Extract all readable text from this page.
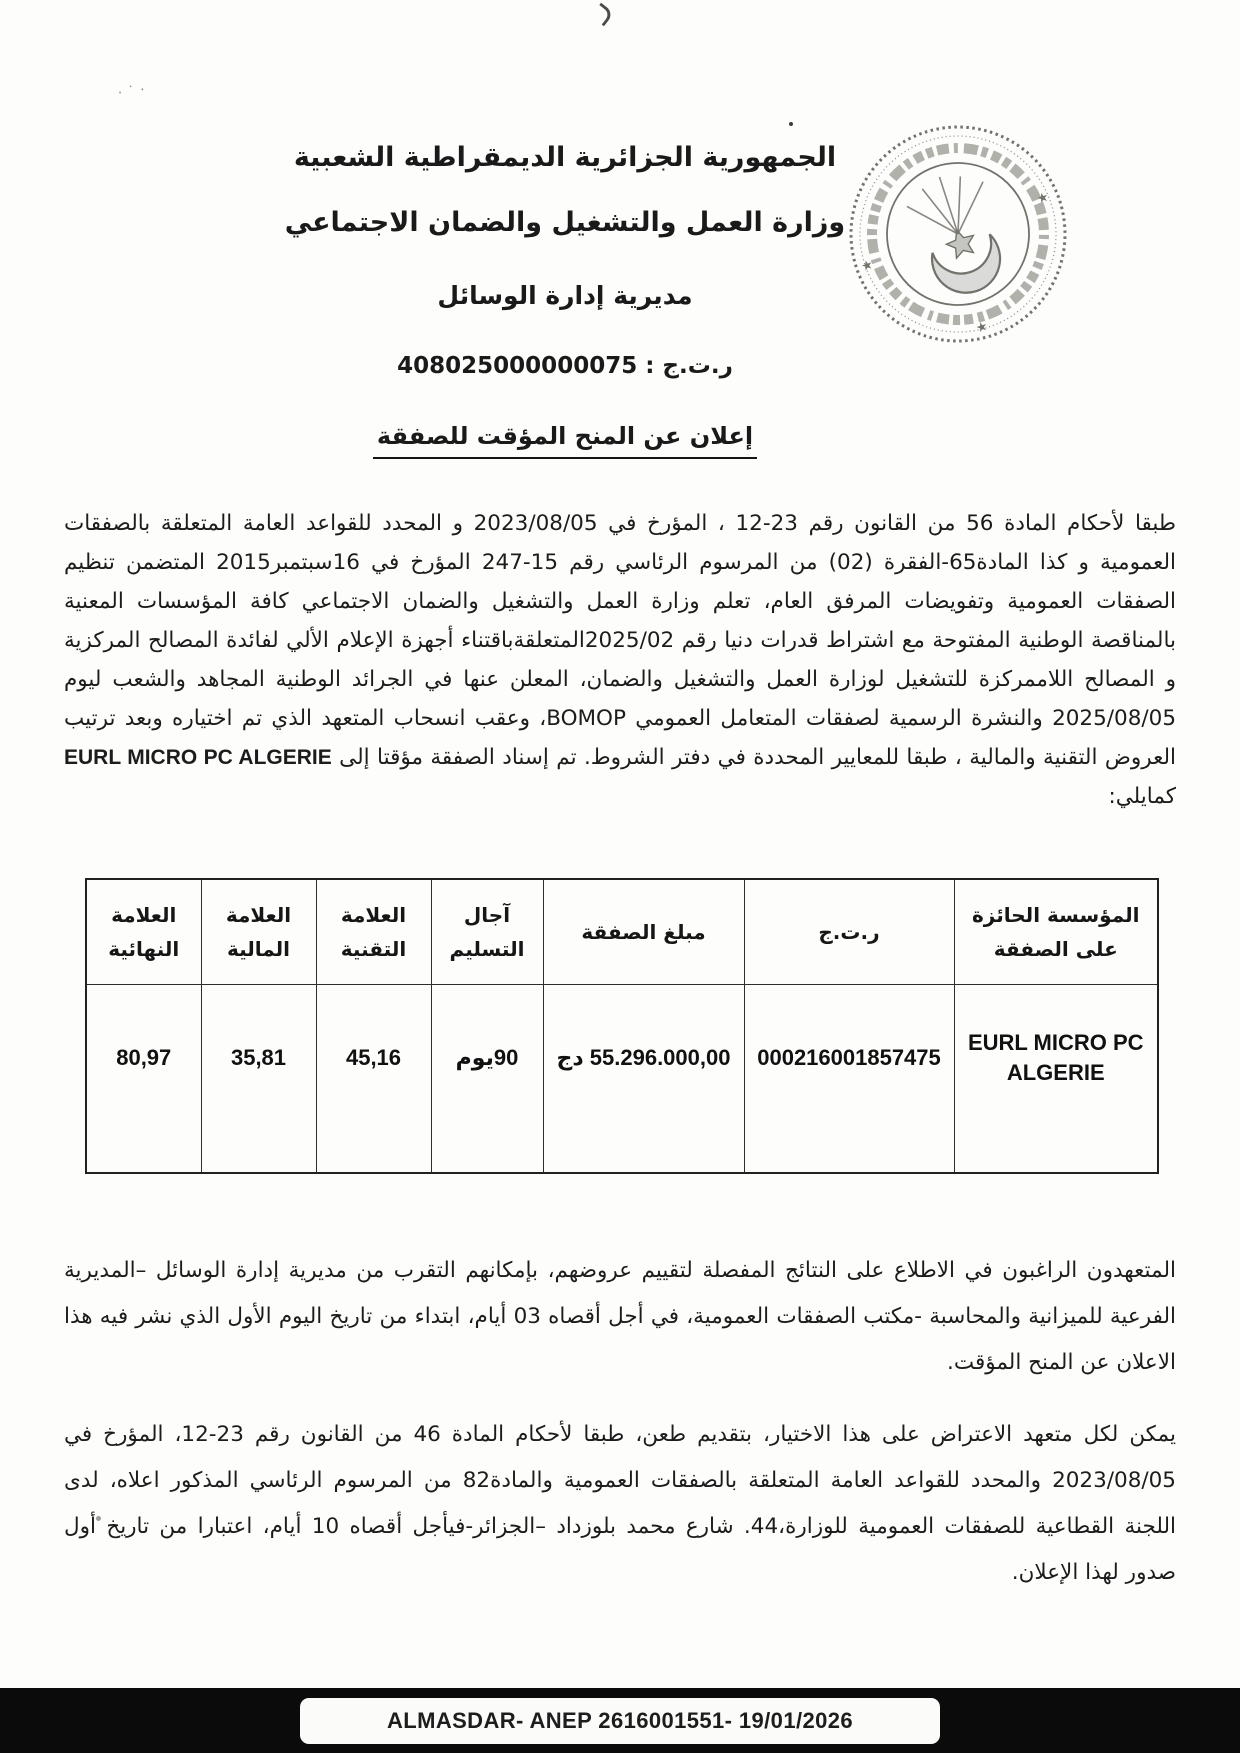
·˙·
★
★
★
الجمهورية الجزائرية الديمقراطية الشعبية
وزارة العمل والتشغيل والضمان الاجتماعي
مديرية إدارة الوسائل
ر.ت.ج : 408025000000075
إعلان عن المنح المؤقت للصفقة

طبقا لأحكام المادة 56 من القانون رقم 23-12 ، المؤرخ في 2023/08/05 و المحدد للقواعد العامة المتعلقة بالصفقات العمومية و كذا المادة65-الفقرة (02) من المرسوم الرئاسي رقم 15-247 المؤرخ في 16سبتمبر2015 المتضمن تنظيم الصفقات العمومية وتفويضات المرفق العام، تعلم وزارة العمل والتشغيل والضمان الاجتماعي كافة المؤسسات المعنية بالمناقصة الوطنية المفتوحة مع اشتراط قدرات دنيا رقم 2025/02المتعلقةباقتناء أجهزة الإعلام الألي لفائدة المصالح المركزية و المصالح اللاممركزة للتشغيل لوزارة العمل والتشغيل والضمان، المعلن عنها في الجرائد الوطنية المجاهد والشعب ليوم 2025/08/05 والنشرة الرسمية لصفقات المتعامل العمومي BOMOP، وعقب انسحاب المتعهد الذي تم اختياره وبعد ترتيب العروض التقنية والمالية ، طبقا للمعايير المحددة في دفتر الشروط. تم إسناد الصفقة مؤقتا إلى EURL MICRO PC ALGERIE كمايلي:

المؤسسة الحائزة على الصفقة	ر.ت.ج	مبلغ الصفقة	آجال التسليم	العلامة التقنية	العلامة المالية	العلامة النهائية
EURL MICRO PC ALGERIE	000216001857475	55.296.000,00 دج	90يوم	45,16	35,81	80,97

المتعهدون الراغبون في الاطلاع على النتائج المفصلة لتقييم عروضهم، بإمكانهم التقرب من مديرية إدارة الوسائل –المديرية الفرعية للميزانية والمحاسبة -مكتب الصفقات العمومية، في أجل أقصاه 03 أيام، ابتداء من تاريخ اليوم الأول الذي نشر فيه هذا الاعلان عن المنح المؤقت.

يمكن لكل متعهد الاعتراض على هذا الاختيار، بتقديم طعن، طبقا لأحكام المادة 46 من القانون رقم 23-12، المؤرخ في 2023/08/05 والمحدد للقواعد العامة المتعلقة بالصفقات العمومية والمادة82 من المرسوم الرئاسي المذكور اعلاه، لدى اللجنة القطاعية للصفقات العمومية للوزارة،44. شارع محمد بلوزداد –الجزائر-فيأجل أقصاه 10 أيام، اعتبارا من تاريخ أول صدور لهذا الإعلان.

ALMASDAR- ANEP 2616001551- 19/01/2026
